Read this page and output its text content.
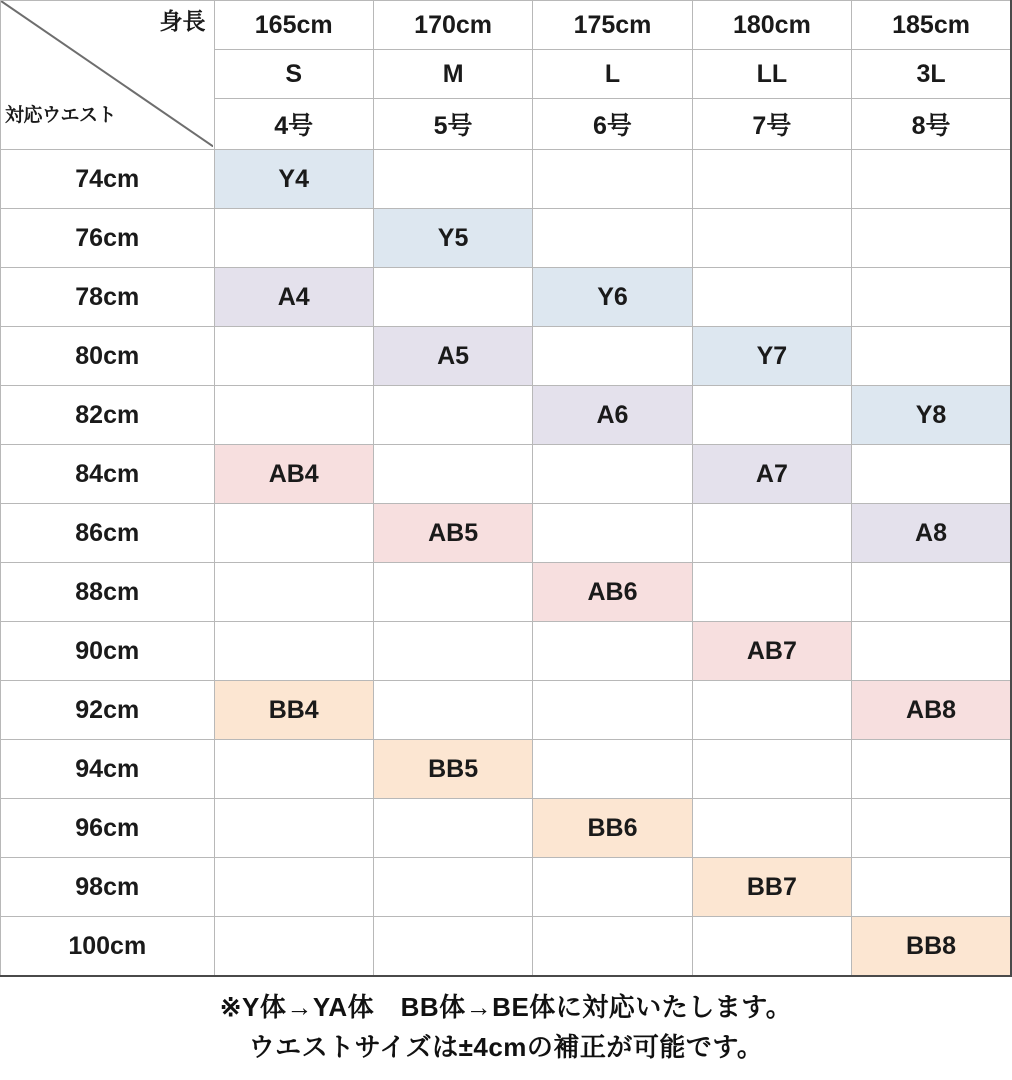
身長
対応ウエスト	165cm	170cm	175cm	180cm	185cm
	S	M	L	LL	3L
	4号	5号	6号	7号	8号
74cm	Y4				
76cm		Y5			
78cm	A4		Y6		
80cm		A5		Y7	
82cm			A6		Y8
84cm	AB4			A7	
86cm		AB5			A8
88cm			AB6		
90cm				AB7	
92cm	BB4				AB8
94cm		BB5			
96cm			BB6		
98cm				BB7	
100cm					BB8
※Y体→YA体　BB体→BE体に対応いたします。
ウエストサイズは±4cmの補正が可能です。
